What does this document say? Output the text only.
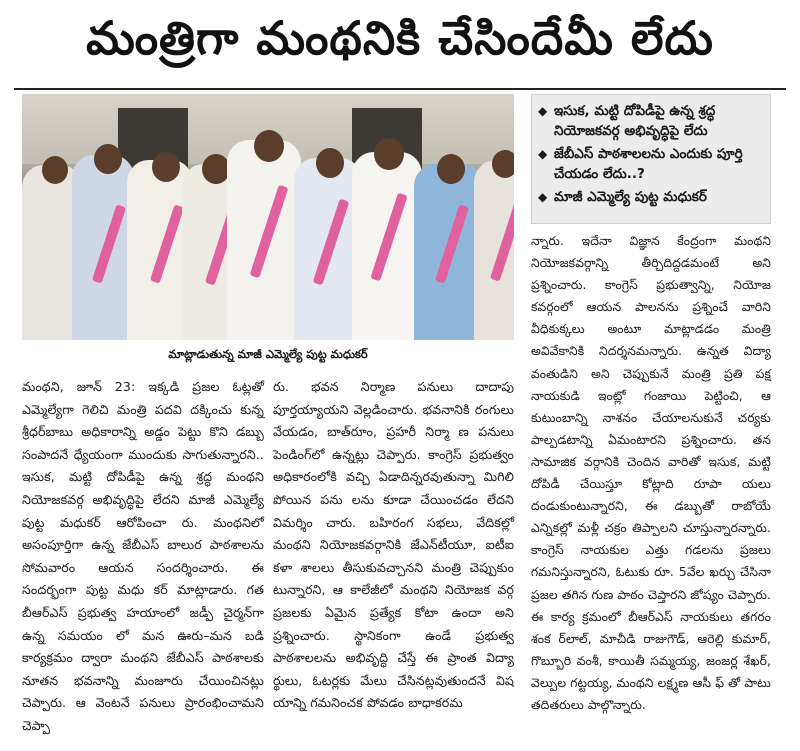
మంత్రిగా మంథనికి చేసిందేమీ లేదు
మాట్లాడుతున్న మాజీ ఎమ్మెల్యే పుట్ట మధుకర్
◆ ఇసుక, మట్టి దోపిడీపై ఉన్న శ్రద్ధ నియోజకవర్గ అభివృద్ధిపై లేదు
◆ జేబీఎస్ పాఠశాలలను ఎందుకు పూర్తి చేయడం లేదు..?
◆ మాజీ ఎమ్మెల్యే పుట్ట మధుకర్

మంథని, జూన్ 23: ఇక్కడి ప్రజల ఓట్లతో ఎమ్మెల్యేగా గెలిచి మంత్రి పదవి దక్కించు కున్న శ్రీధర్‌బాబు అధికారాన్ని అడ్డం పెట్టు కొని డబ్బు సంపాదనే ధ్యేయంగా ముందుకు సాగుతున్నారని.. ఇసుక, మట్టి దోపిడీపై ఉన్న శ్రద్ధ మంథని నియోజకవర్గ అభివృద్ధిపై లేదని మాజీ ఎమ్మెల్యే పుట్ట మధుకర్ ఆరోపించా రు. మంథనిలో అసంపూర్తిగా ఉన్న జేబీఎస్ బాలుర పాఠశాలను సోమవారం ఆయన సందర్శించారు. ఈ సందర్భంగా పుట్ట మధు కర్ మాట్లాడారు. గత బీఆర్‌ఎస్ ప్రభుత్వ హయాంలో జడ్పీ చైర్మన్‌గా ఉన్న సమయం లో మన ఊరు–మన బడి కార్యక్రమం ద్వారా మంథని జేబీఎస్ పాఠశాలకు నూతన భవనాన్ని మంజూరు చేయించినట్లు చెప్పారు. ఆ వెంటనే పనులు ప్రారంభించామని చెప్పా

రు. భవన నిర్మాణ పనులు దాదాపు పూర్తయ్యాయని వెల్లడించారు. భవనానికి రంగులు వేయడం, బాత్‌రూం, ప్రహరీ నిర్మా ణ పనులు పెండింగ్‌లో ఉన్నట్లు చెప్పారు. కాంగ్రెస్ ప్రభుత్వం అధికారంలోకి వచ్చి ఏడాదిన్నరవుతున్నా మిగిలి పోయిన పను లను కూడా చేయించడం లేదని విమర్శిం చారు. బహిరంగ సభలు, వేదికల్లో మంథని నియోజకవర్గానికి జేఎన్‌టీయూ, ఐటీఐ కళా శాలలు తీసుకువచ్చానని మంత్రి చెప్పుకుం టున్నారని, ఆ కాలేజీలో మంథని నియోజక వర్గ ప్రజలకు ఏమైన ప్రత్యేక కోటా ఉందా అని ప్రశ్నించారు. స్థానికంగా ఉండే ప్రభుత్వ పాఠశాలలను అభివృద్ధి చేస్తే ఈ ప్రాంత విద్యా ర్థులు, ఓటర్లకు మేలు చేసినట్లవుతుందనే విష యాన్ని గమనించక పోవడం బాధాకరమ

న్నారు. ఇదేనా విజ్ఞాన కేంద్రంగా మంథని నియోజకవర్గాన్ని తీర్చిదిద్దడమంటే అని ప్రశ్నించారు. కాంగ్రెస్ ప్రభుత్వాన్ని, నియోజ కవర్గంలో ఆయన పాలనను ప్రశ్నించే వారిని వీధికుక్కలు అంటూ మాట్లాడడం మంత్రి అవివేకానికి నిదర్శనమన్నారు. ఉన్నత విద్యా వంతుడిని అని చెప్పుకునే మంత్రి ప్రతి పక్ష నాయకుడి ఇంట్లో గంజాయి పెట్టించి, ఆ కుటుంబాన్ని నాశనం చేయాలనుకునే చర్యకు పాల్పడటాన్ని ఏమంటారని ప్రశ్నించారు. తన సామాజిక వర్గానికి చెందిన వారితో ఇసుక, మట్టి దోపిడీ చేయిస్తూ కోట్లాది రూపా యలు దండుకుంటున్నారని, ఈ డబ్బుతో రాబోయే ఎన్నికల్లో మళ్లీ చక్రం తిప్పాలని చూస్తున్నారన్నారు. కాంగ్రెస్ నాయకుల ఎత్తు గడలను ప్రజలు గమనిస్తున్నారని, ఓటుకు రూ. 5వేల ఖర్చు చేసినా ప్రజల తగిన గుణ పాఠం చెప్తారని జోష్యం చెప్పారు. ఈ కార్య క్రమంలో బీఆర్‌ఎస్ నాయకులు తగరం శంక ర్‌లాల్, మాచీడి రాజుగౌడ్, ఆరెల్లి కుమార్, గొబ్బూరి వంశీ, కాయితీ సమ్మయ్య, జంజర్ల శేఖర్, వెల్పుల గట్టయ్య, మంథని లక్ష్మణ ఆసీ ఫ్ తో పాటు తదితరులు పాల్గొన్నారు.
